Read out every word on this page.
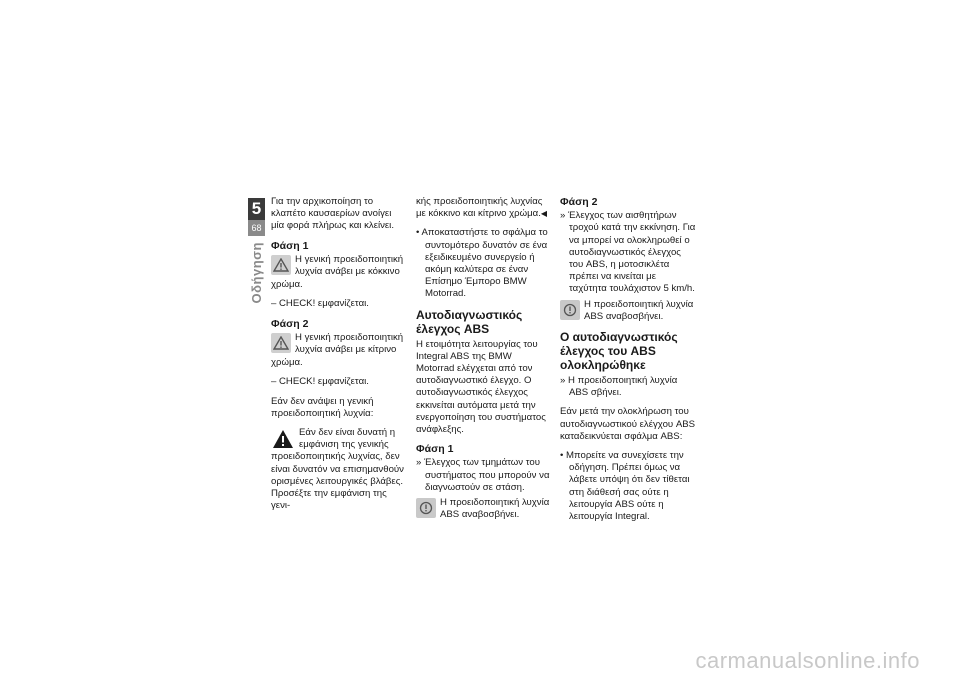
5
68
Οδήγηση

Για την αρχικοποίηση το κλαπέτο καυσαερίων ανοίγει μία φορά πλήρως και κλείνει.

Φάση 1
Η γενική προειδοποιητική λυχνία ανάβει με κόκκινο

χρώμα.

– CHECK! εμφανίζεται.

Φάση 2
Η γενική προειδοποιητική λυχνία ανάβει με κίτρινο

χρώμα.

– CHECK! εμφανίζεται.

Εάν δεν ανάψει η γενική προειδοποιητική λυχνία:

Εάν δεν είναι δυνατή η εμφάνιση της γενικής προειδοποιητικής λυχνίας, δεν είναι δυνατόν να επισημανθούν ορισμένες λειτουργικές βλάβες. Προσέξτε την εμφάνιση της γενι-

κής προειδοποιητικής λυχνίας με κόκκινο και κίτρινο χρώμα.◀

• Αποκαταστήστε το σφάλμα το συντομότερο δυνατόν σε ένα εξειδικευμένο συνεργείο ή ακόμη καλύτερα σε έναν Επίσημο Έμπορο BMW Motorrad.

Αυτοδιαγνωστικός έλεγχος ABS

Η ετοιμότητα λειτουργίας του Integral ABS της BMW Motorrad ελέγχεται από τον αυτοδιαγνωστικό έλεγχο. Ο αυτοδιαγνωστικός έλεγχος εκκινείται αυτόματα μετά την ενεργοποίηση του συστήματος ανάφλεξης.

Φάση 1

» Έλεγχος των τμημάτων του συστήματος που μπορούν να διαγνωστούν σε στάση.

Η προειδοποιητική λυχνία ABS αναβοσβήνει.
Φάση 2

» Έλεγχος των αισθητήρων τροχού κατά την εκκίνηση. Για να μπορεί να ολοκληρωθεί ο αυτοδιαγνωστικός έλεγχος του ABS, η μοτοσικλέτα πρέπει να κινείται με ταχύτητα τουλάχιστον 5 km/h.

Η προειδοποιητική λυχνία ABS αναβοσβήνει.
Ο αυτοδιαγνωστικός έλεγχος του ABS ολοκληρώθηκε

» Η προειδοποιητική λυχνία ABS σβήνει.

Εάν μετά την ολοκλήρωση του αυτοδιαγνωστικού ελέγχου ABS καταδεικνύεται σφάλμα ABS:

• Μπορείτε να συνεχίσετε την οδήγηση. Πρέπει όμως να λάβετε υπόψη ότι δεν τίθεται στη διάθεσή σας ούτε η λειτουργία ABS ούτε η λειτουργία Integral.

carmanualsonline.info
